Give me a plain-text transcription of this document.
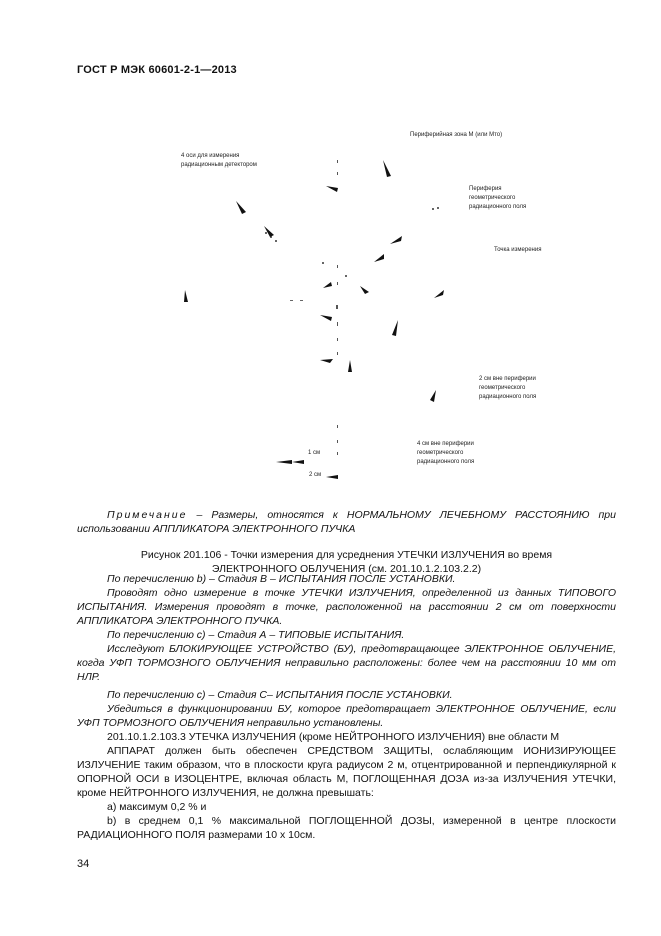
ГОСТ Р МЭК 60601-2-1—2013
Периферийная зона М (или Мто)
4 оси для измерения
радиационным детектором
Периферия
геометрического
радиационного поля
Точка измерения
2 см вне периферии
геометрического
радиационного поля
4 см вне периферии
геометрического
радиационного поля
1 см
2 см
Примечание – Размеры, относятся к НОРМАЛЬНОМУ ЛЕЧЕБНОМУ РАССТОЯНИЮ при использовании АППЛИКАТОРА ЭЛЕКТРОННОГО ПУЧКА
Рисунок 201.106 - Точки измерения для усреднения УТЕЧКИ ИЗЛУЧЕНИЯ во время
ЭЛЕКТРОННОГО ОБЛУЧЕНИЯ (см. 201.10.1.2.103.2.2)

По перечислению b) – Стадия В – ИСПЫТАНИЯ ПОСЛЕ УСТАНОВКИ.

Проводят одно измерение в точке УТЕЧКИ ИЗЛУЧЕНИЯ, определенной из данных ТИПОВОГО ИСПЫТАНИЯ. Измерения проводят в точке, расположенной на расстоянии 2 см от поверхности АППЛИКАТОРА ЭЛЕКТРОННОГО ПУЧКА.

По перечислению с) – Стадия А – ТИПОВЫЕ ИСПЫТАНИЯ.

Исследуют БЛОКИРУЮЩЕЕ УСТРОЙСТВО (БУ), предотвращающее ЭЛЕКТРОННОЕ ОБЛУЧЕНИЕ, когда УФП ТОРМОЗНОГО ОБЛУЧЕНИЯ неправильно расположены: более чем на расстоянии 10 мм от НЛР.

По перечислению с) – Стадия С– ИСПЫТАНИЯ ПОСЛЕ УСТАНОВКИ.

Убедиться в функционировании БУ, которое предотвращает ЭЛЕКТРОННОЕ ОБЛУЧЕНИЕ, если УФП ТОРМОЗНОГО ОБЛУЧЕНИЯ неправильно установлены.

201.10.1.2.103.3 УТЕЧКА ИЗЛУЧЕНИЯ (кроме НЕЙТРОННОГО ИЗЛУЧЕНИЯ) вне области М

АППАРАТ должен быть обеспечен СРЕДСТВОМ ЗАЩИТЫ, ослабляющим ИОНИЗИРУЮЩЕЕ ИЗЛУЧЕНИЕ таким образом, что в плоскости круга радиусом 2 м, отцентрированной и перпендикулярной к ОПОРНОЙ ОСИ в ИЗОЦЕНТРЕ, включая область М, ПОГЛОЩЕННАЯ ДОЗА из-за ИЗЛУЧЕНИЯ УТЕЧКИ, кроме НЕЙТРОННОГО ИЗЛУЧЕНИЯ, не должна превышать:

а) максимум 0,2 % и

b) в среднем 0,1 % максимальной ПОГЛОЩЕННОЙ ДОЗЫ, измеренной в центре плоскости РАДИАЦИОННОГО ПОЛЯ размерами 10 х 10см.

34
